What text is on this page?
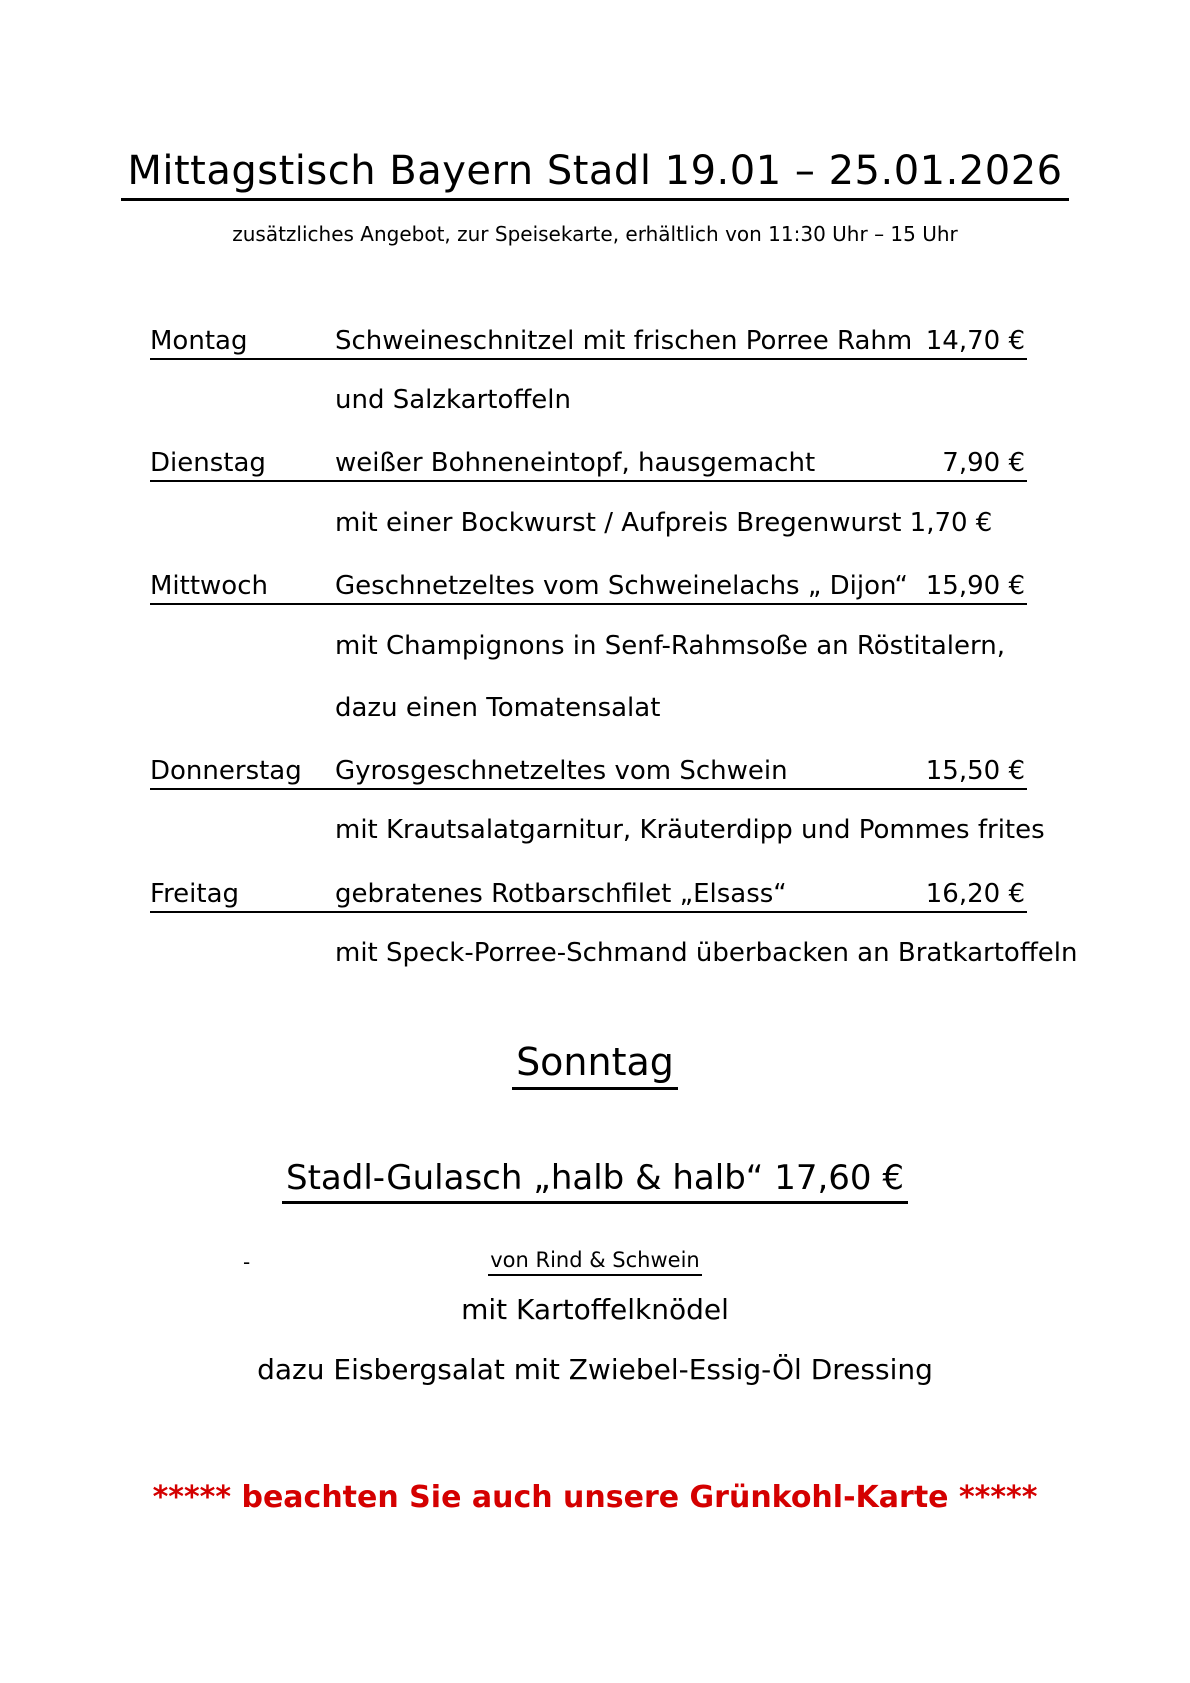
Mittagstisch Bayern Stadl 19.01 – 25.01.2026
zusätzliches Angebot, zur Speisekarte, erhältlich von 11:30 Uhr – 15 Uhr
Montag	Schweineschnitzel mit frischen Porree Rahm 14,70 €
und Salzkartoffeln
Dienstag	weißer Bohneneintopf, hausgemacht	7,90 €
mit einer Bockwurst / Aufpreis Bregenwurst 1,70 €
Mittwoch	Geschnetzeltes vom Schweinelachs „ Dijon“ 15,90 €
mit Champignons in Senf-Rahmsoße an Röstitalern,
dazu einen Tomatensalat
Donnerstag Gyrosgeschnetzeltes vom Schwein	15,50 €
mit Krautsalatgarnitur, Kräuterdipp und Pommes frites
Freitag	gebratenes Rotbarschfilet „Elsass“	16,20 €
mit Speck-Porree-Schmand überbacken an Bratkartoffeln
Sonntag
Stadl-Gulasch „halb & halb“ 17,60 €
-	von Rind & Schwein
mit Kartoffelknödel
dazu Eisbergsalat mit Zwiebel-Essig-Öl Dressing
***** beachten Sie auch unsere Grünkohl-Karte *****
